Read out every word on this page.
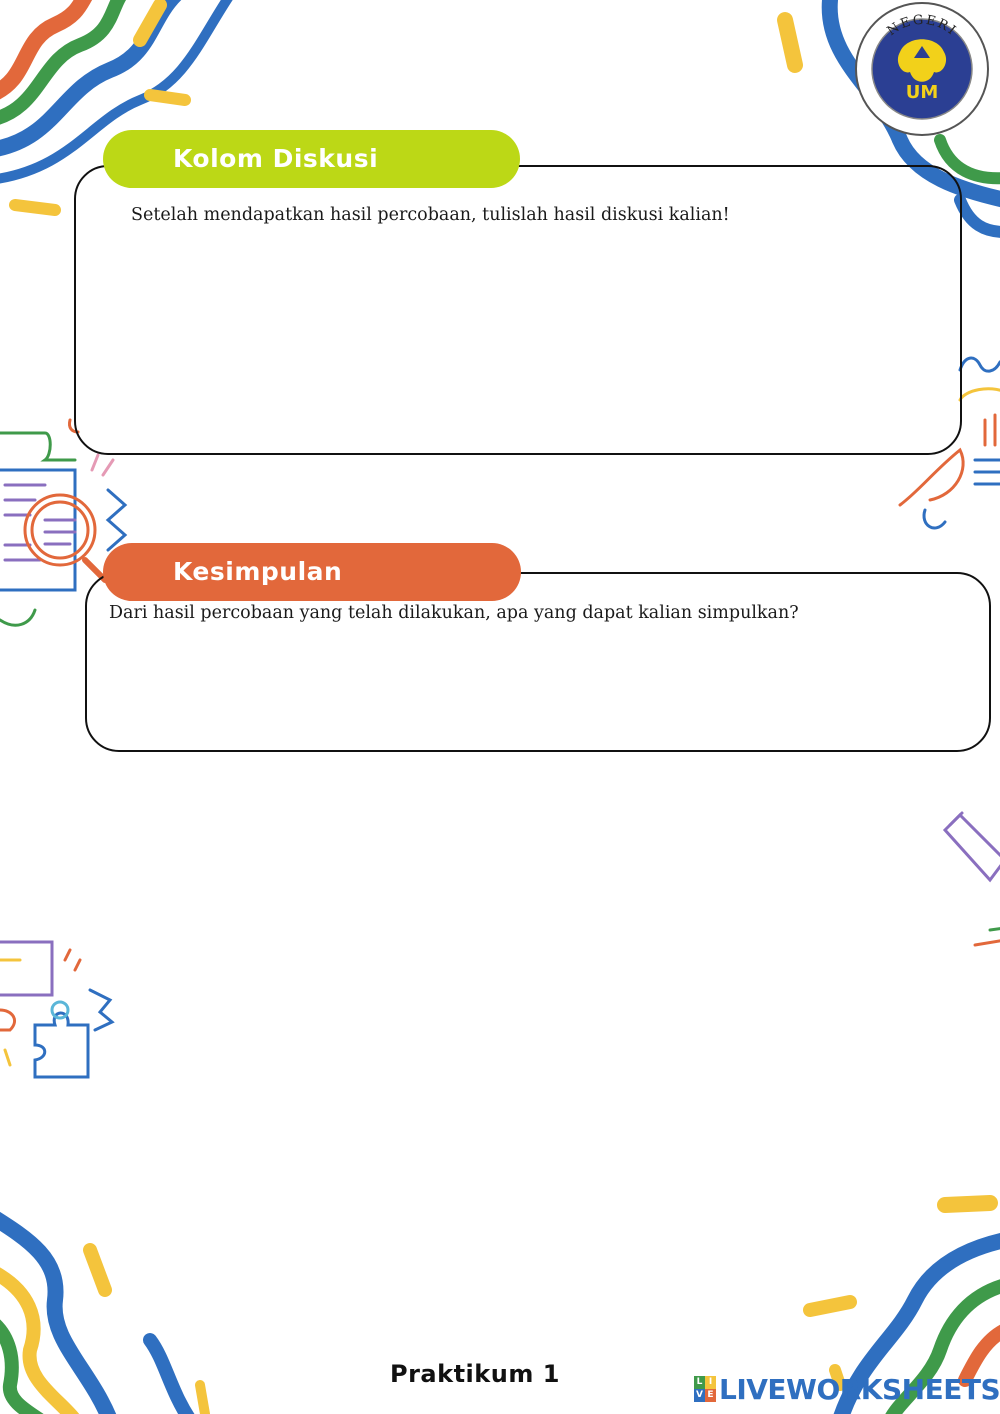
UM
NEGERI
Kolom Diskusi
Setelah mendapatkan hasil percobaan, tulislah hasil diskusi kalian!
Kesimpulan
Dari hasil percobaan yang telah dilakukan, apa yang dapat kalian simpulkan?
Praktikum 1	L I
V E LIVEWORKSHEETS
